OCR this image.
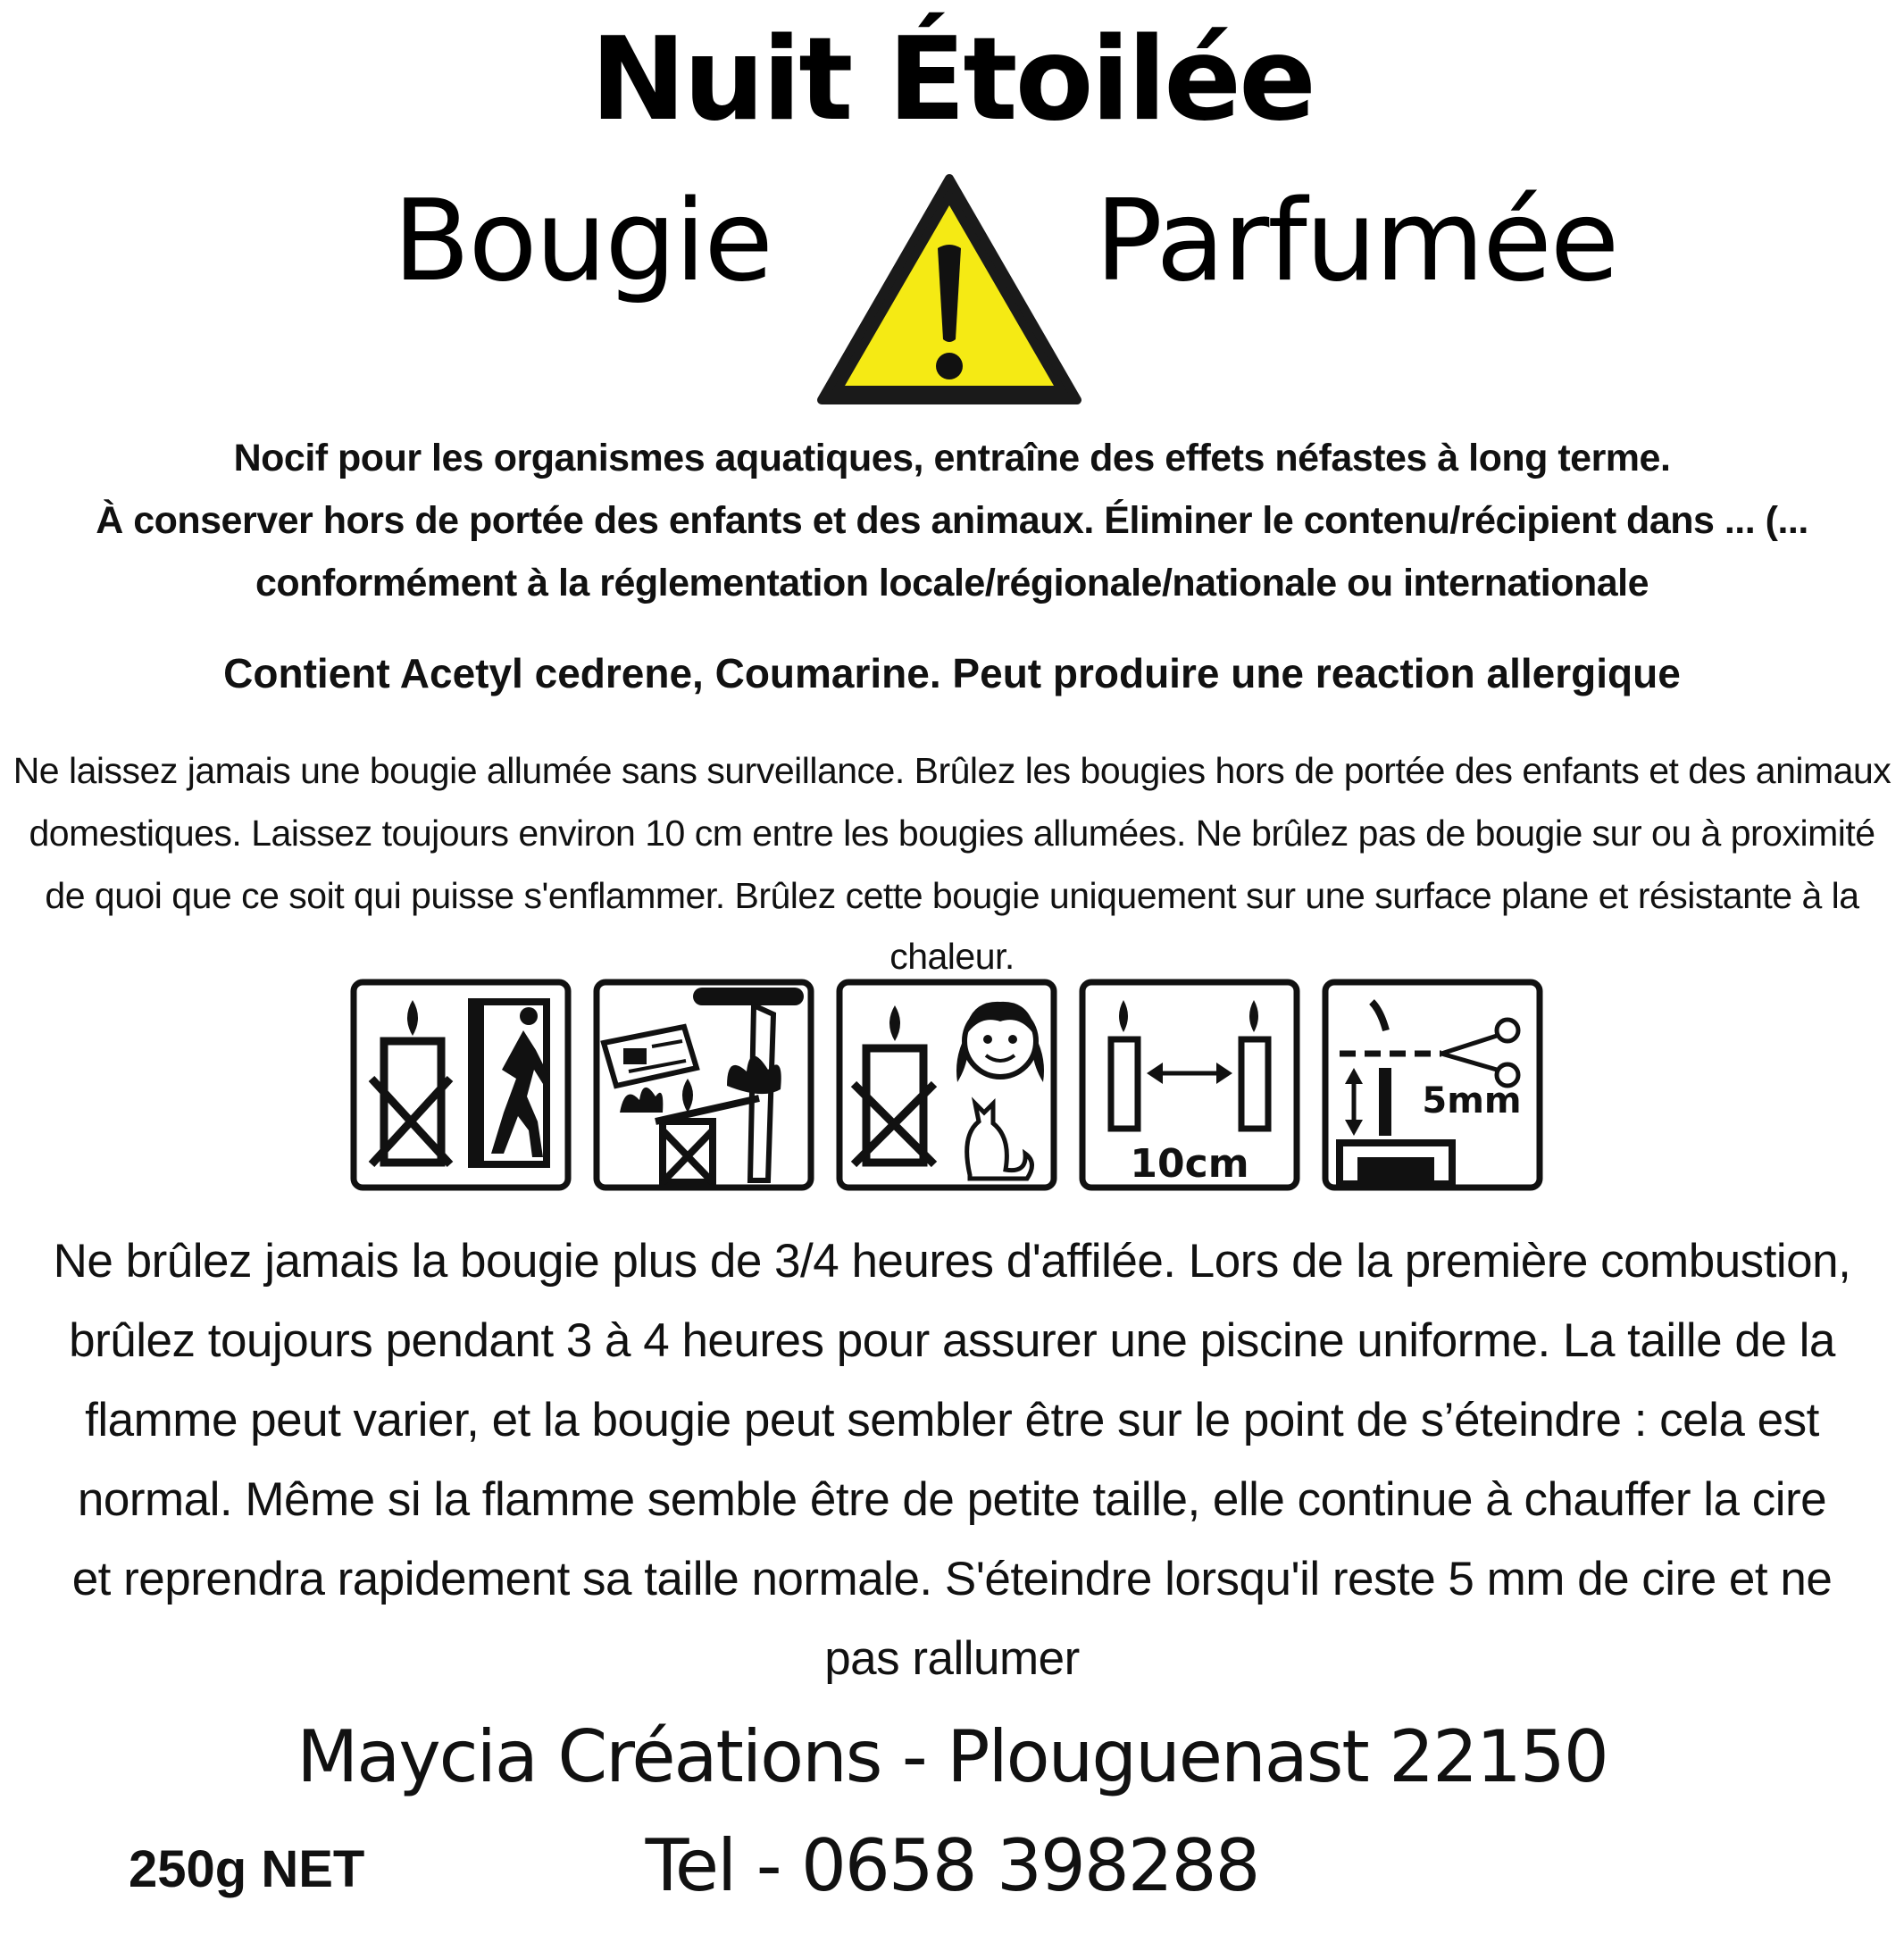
Nuit Étoilée
Bougie	Parfumée
Nocif pour les organismes aquatiques, entraîne des effets néfastes à long terme.
À conserver hors de portée des enfants et des animaux. Éliminer le contenu/récipient dans ... (...
conformément à la réglementation locale/régionale/nationale ou internationale
Contient Acetyl cedrene, Coumarine. Peut produire une reaction allergique
Ne laissez jamais une bougie allumée sans surveillance. Brûlez les bougies hors de portée des enfants et des animaux
domestiques. Laissez toujours environ 10 cm entre les bougies allumées. Ne brûlez pas de bougie sur ou à proximité
de quoi que ce soit qui puisse s'enflammer. Brûlez cette bougie uniquement sur une surface plane et résistante à la
chaleur.
10cm
5mm
Ne brûlez jamais la bougie plus de 3/4 heures d'affilée. Lors de la première combustion,
brûlez toujours pendant 3 à 4 heures pour assurer une piscine uniforme. La taille de la
flamme peut varier, et la bougie peut sembler être sur le point de s’éteindre : cela est
normal. Même si la flamme semble être de petite taille, elle continue à chauffer la cire
et reprendra rapidement sa taille normale. S'éteindre lorsqu'il reste 5 mm de cire et ne
pas rallumer
Maycia Créations - Plouguenast 22150
Tel - 0658 398288
250g NET
